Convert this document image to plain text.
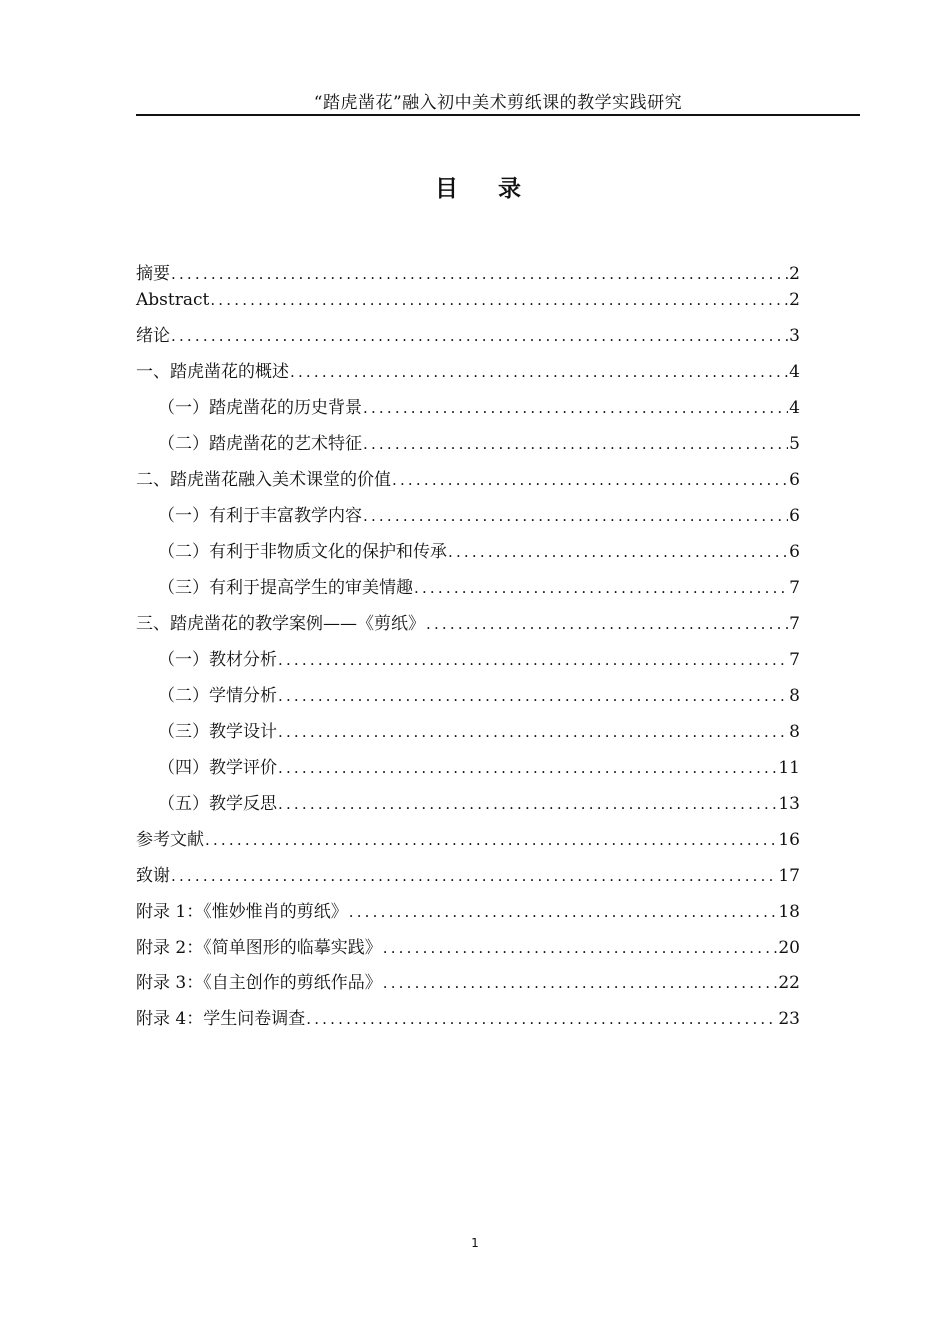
“踏虎凿花”融入初中美术剪纸课的教学实践研究
目录
摘要 .....	2
Abstract .....	2
绪论 .....	3
一、踏虎凿花的概述 .....	4
（一）踏虎凿花的历史背景 .....	4
（二）踏虎凿花的艺术特征 .....	5
二、踏虎凿花融入美术课堂的价值 .....	6
（一）有利于丰富教学内容 .....	6
（二）有利于非物质文化的保护和传承 .....	6
（三）有利于提高学生的审美情趣 .....	7
三、踏虎凿花的教学案例——《剪纸》 .....	7
（一）教材分析 .....	7
（二）学情分析 .....	8
（三）教学设计 .....	8
（四）教学评价 .....	11
（五）教学反思 .....	13
参考文献 .....	16
致谢 .....	17
附录 1：《惟妙惟肖的剪纸》 .....	18
附录 2：《简单图形的临摹实践》 .....	20
附录 3：《自主创作的剪纸作品》 .....	22
附录 4：学生问卷调查 .....	23
1
